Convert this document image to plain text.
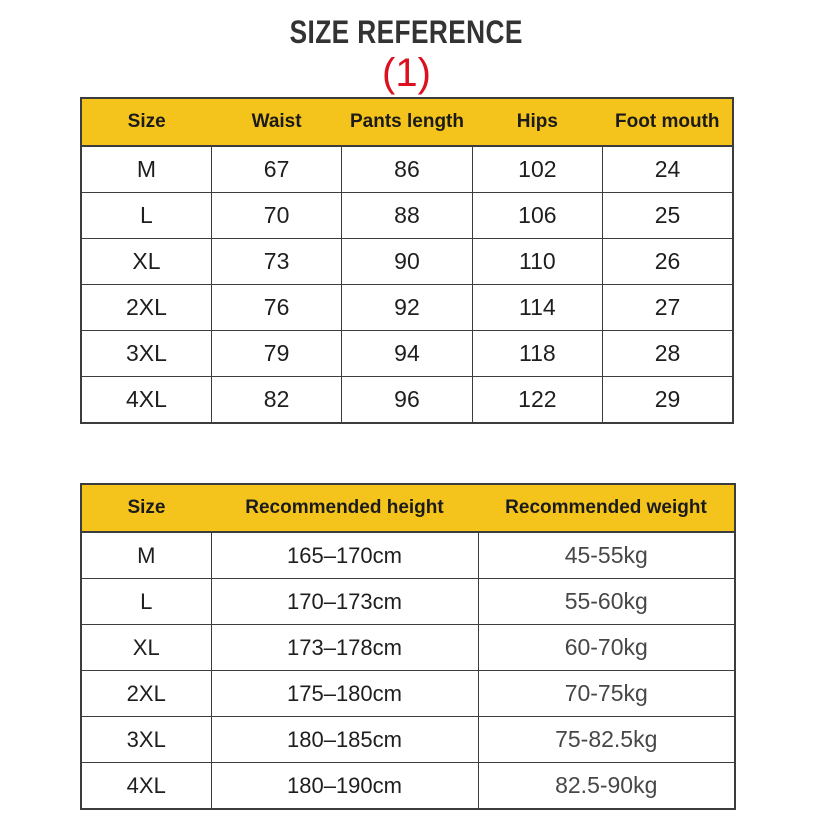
SIZE REFERENCE
(1)
Size	Waist	Pants length	Hips	Foot mouth
M	67	86	102	24
L	70	88	106	25
XL	73	90	110	26
2XL	76	92	114	27
3XL	79	94	118	28
4XL	82	96	122	29
Size	Recommended height	Recommended weight
M	165–170cm	45-55kg
L	170–173cm	55-60kg
XL	173–178cm	60-70kg
2XL	175–180cm	70-75kg
3XL	180–185cm	75-82.5kg
4XL	180–190cm	82.5-90kg
